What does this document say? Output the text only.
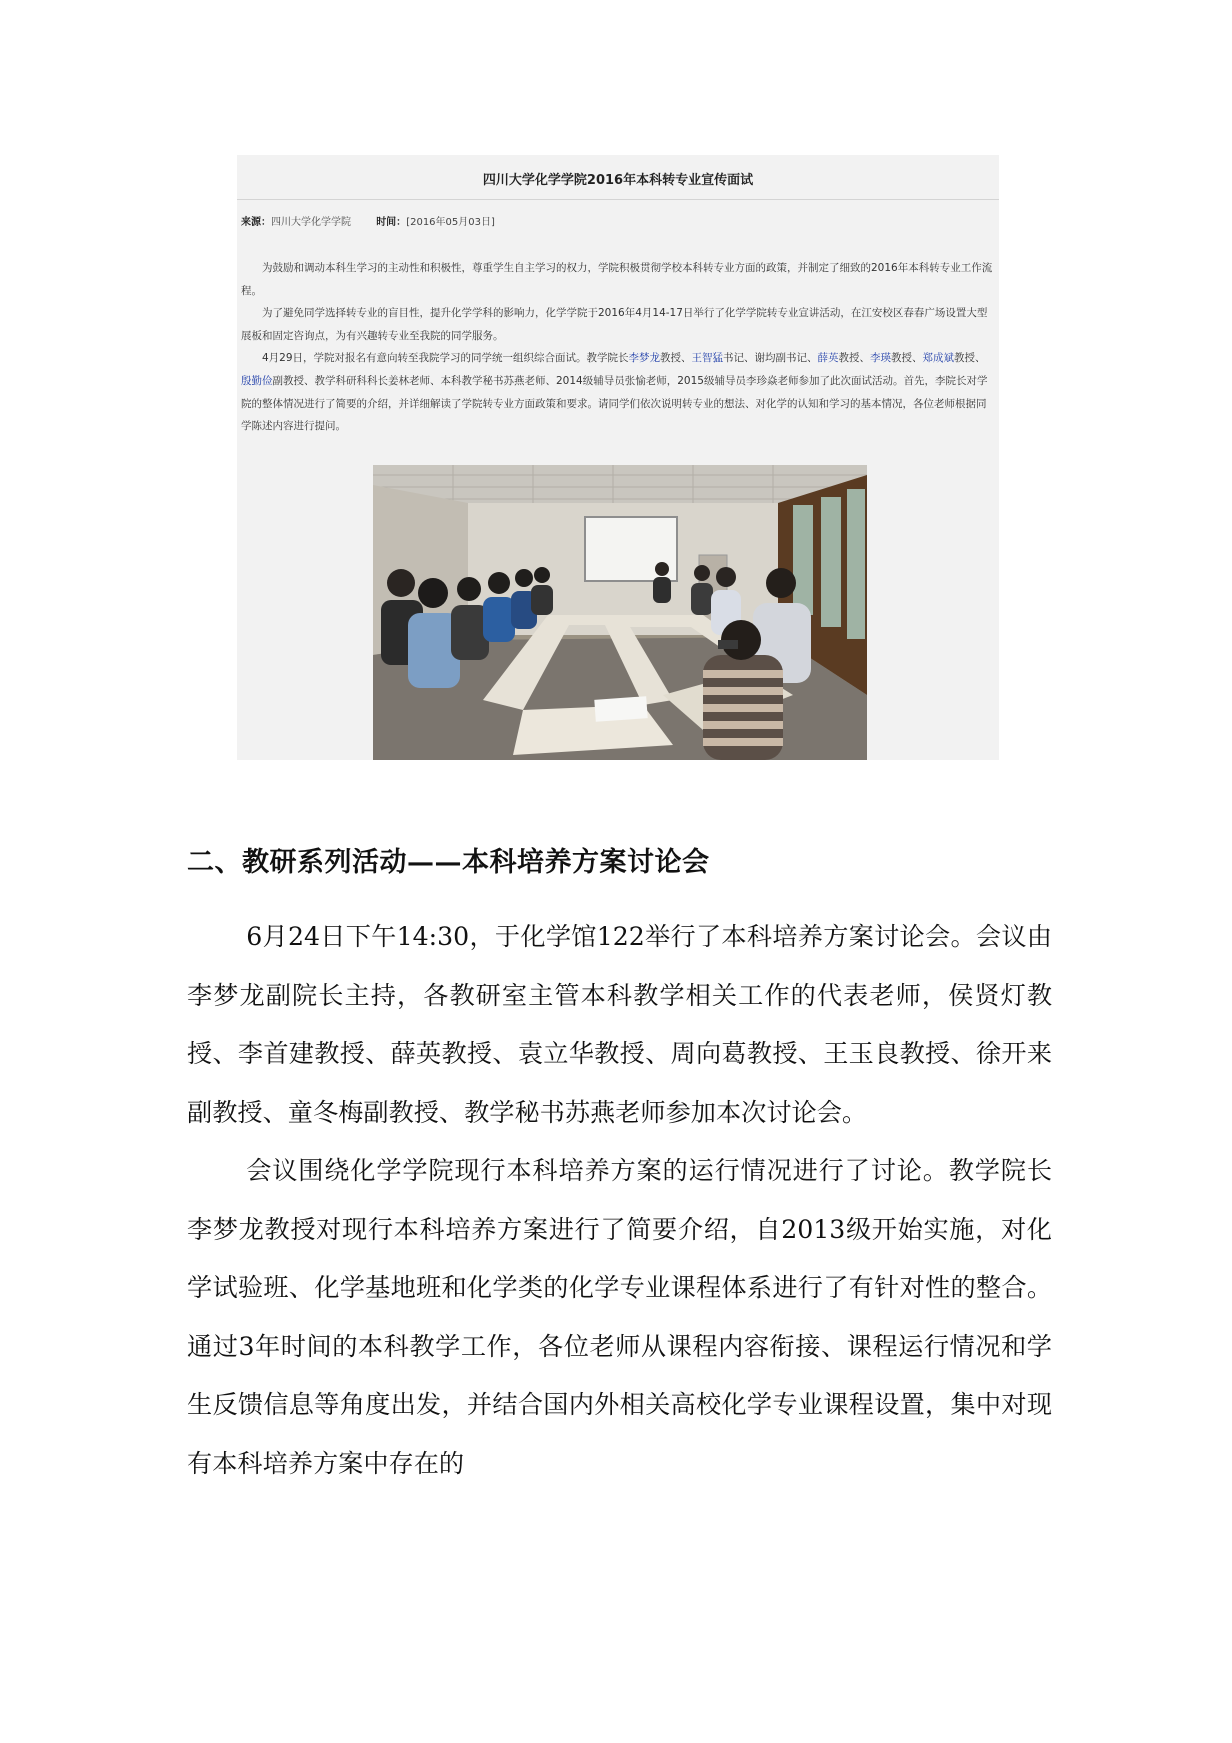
四川大学化学学院2016年本科转专业宣传面试
来源：四川大学化学学院	时间：[2016年05月03日]

为鼓励和调动本科生学习的主动性和积极性，尊重学生自主学习的权力，学院积极贯彻学校本科转专业方面的政策，并制定了细致的2016年本科转专业工作流程。

为了避免同学选择转专业的盲目性，提升化学学科的影响力，化学学院于2016年4月14-17日举行了化学学院转专业宣讲活动，在江安校区春春广场设置大型展板和固定咨询点，为有兴趣转专业至我院的同学服务。

4月29日，学院对报名有意向转至我院学习的同学统一组织综合面试。教学院长李梦龙教授、王智猛书记、谢均副书记、薛英教授、李瑛教授、郑成斌教授、殷勤俭副教授、教学科研科科长姜林老师、本科教学秘书苏燕老师、2014级辅导员张愉老师，2015级辅导员李珍焱老师参加了此次面试活动。首先，李院长对学院的整体情况进行了简要的介绍，并详细解读了学院转专业方面政策和要求。请同学们依次说明转专业的想法、对化学的认知和学习的基本情况，各位老师根据同学陈述内容进行提问。

二、教研系列活动——本科培养方案讨论会

6月24日下午14:30，于化学馆122举行了本科培养方案讨论会。会议由李梦龙副院长主持，各教研室主管本科教学相关工作的代表老师，侯贤灯教授、李首建教授、薛英教授、袁立华教授、周向葛教授、王玉良教授、徐开来副教授、童冬梅副教授、教学秘书苏燕老师参加本次讨论会。

会议围绕化学学院现行本科培养方案的运行情况进行了讨论。教学院长李梦龙教授对现行本科培养方案进行了简要介绍，自2013级开始实施，对化学试验班、化学基地班和化学类的化学专业课程体系进行了有针对性的整合。通过3年时间的本科教学工作，各位老师从课程内容衔接、课程运行情况和学生反馈信息等角度出发，并结合国内外相关高校化学专业课程设置，集中对现有本科培养方案中存在的
